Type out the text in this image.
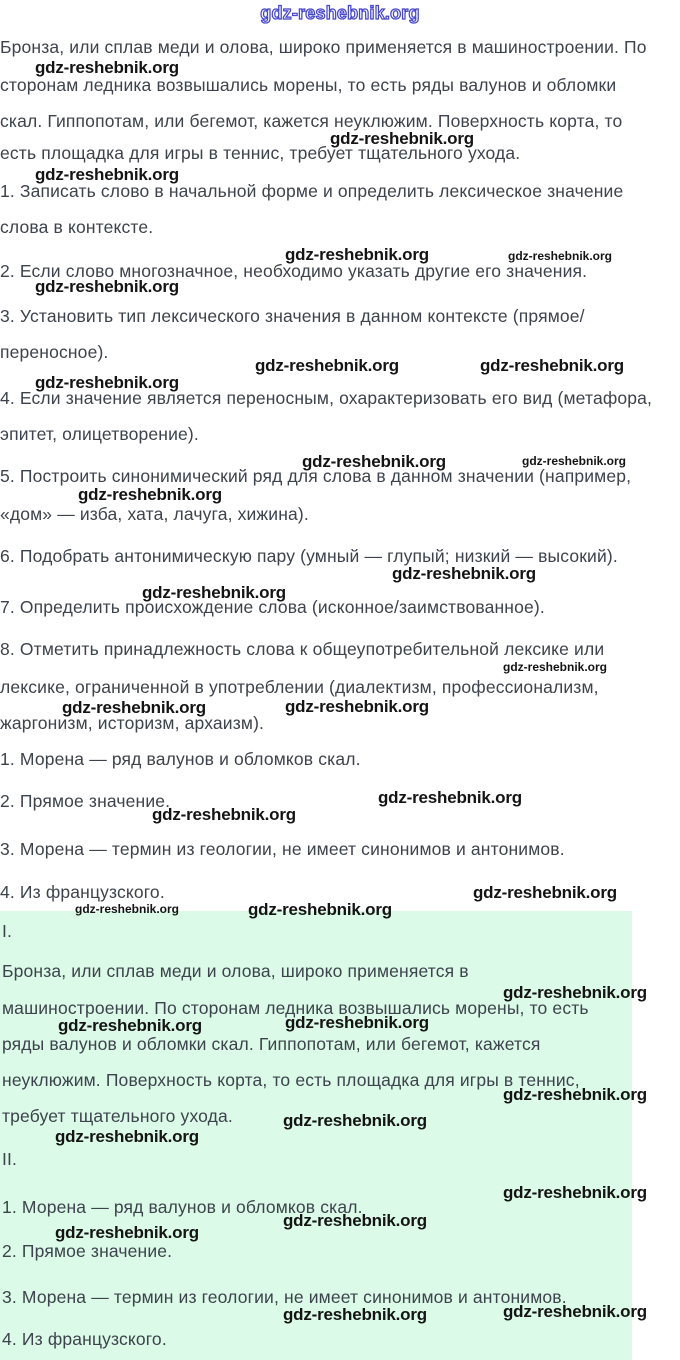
gdz-reshebnik.org
Бронза, или сплав меди и олова, широко применяется в машиностроении. По
сторонам ледника возвышались морены, то есть ряды валунов и обломки
скал. Гиппопотам, или бегемот, кажется неуклюжим. Поверхность корта, то
есть площадка для игры в теннис, требует тщательного ухода.
1. Записать слово в начальной форме и определить лексическое значение
слова в контексте.
2. Если слово многозначное, необходимо указать другие его значения.
3. Установить тип лексического значения в данном контексте (прямое/
переносное).
4. Если значение является переносным, охарактеризовать его вид (метафора,
эпитет, олицетворение).
5. Построить синонимический ряд для слова в данном значении (например,
«дом» — изба, хата, лачуга, хижина).
6. Подобрать антонимическую пару (умный — глупый; низкий — высокий).
7. Определить происхождение слова (исконное/заимствованное).
8. Отметить принадлежность слова к общеупотребительной лексике или
лексике, ограниченной в употреблении (диалектизм, профессионализм,
жаргонизм, историзм, архаизм).
1. Морена — ряд валунов и обломков скал.
2. Прямое значение.
3. Морена — термин из геологии, не имеет синонимов и антонимов.
4. Из французского.
I.
Бронза, или сплав меди и олова, широко применяется в
машиностроении. По сторонам ледника возвышались морены, то есть
ряды валунов и обломки скал. Гиппопотам, или бегемот, кажется
неуклюжим. Поверхность корта, то есть площадка для игры в теннис,
требует тщательного ухода.
II.
1. Морена — ряд валунов и обломков скал.
2. Прямое значение.
3. Морена — термин из геологии, не имеет синонимов и антонимов.
4. Из французского.
gdz-reshebnik.org
gdz-reshebnik.org
gdz-reshebnik.org
gdz-reshebnik.org	gdz-reshebnik.org
gdz-reshebnik.org
gdz-reshebnik.org	gdz-reshebnik.org
gdz-reshebnik.org
gdz-reshebnik.org	gdz-reshebnik.org
gdz-reshebnik.org
gdz-reshebnik.org
gdz-reshebnik.org
gdz-reshebnik.org
gdz-reshebnik.org	gdz-reshebnik.org
gdz-reshebnik.org
gdz-reshebnik.org
gdz-reshebnik.org
gdz-reshebnik.org	gdz-reshebnik.org
gdz-reshebnik.org
gdz-reshebnik.org
gdz-reshebnik.org
gdz-reshebnik.org
gdz-reshebnik.org
gdz-reshebnik.org
gdz-reshebnik.org
gdz-reshebnik.org
gdz-reshebnik.org
gdz-reshebnik.org	gdz-reshebnik.org
